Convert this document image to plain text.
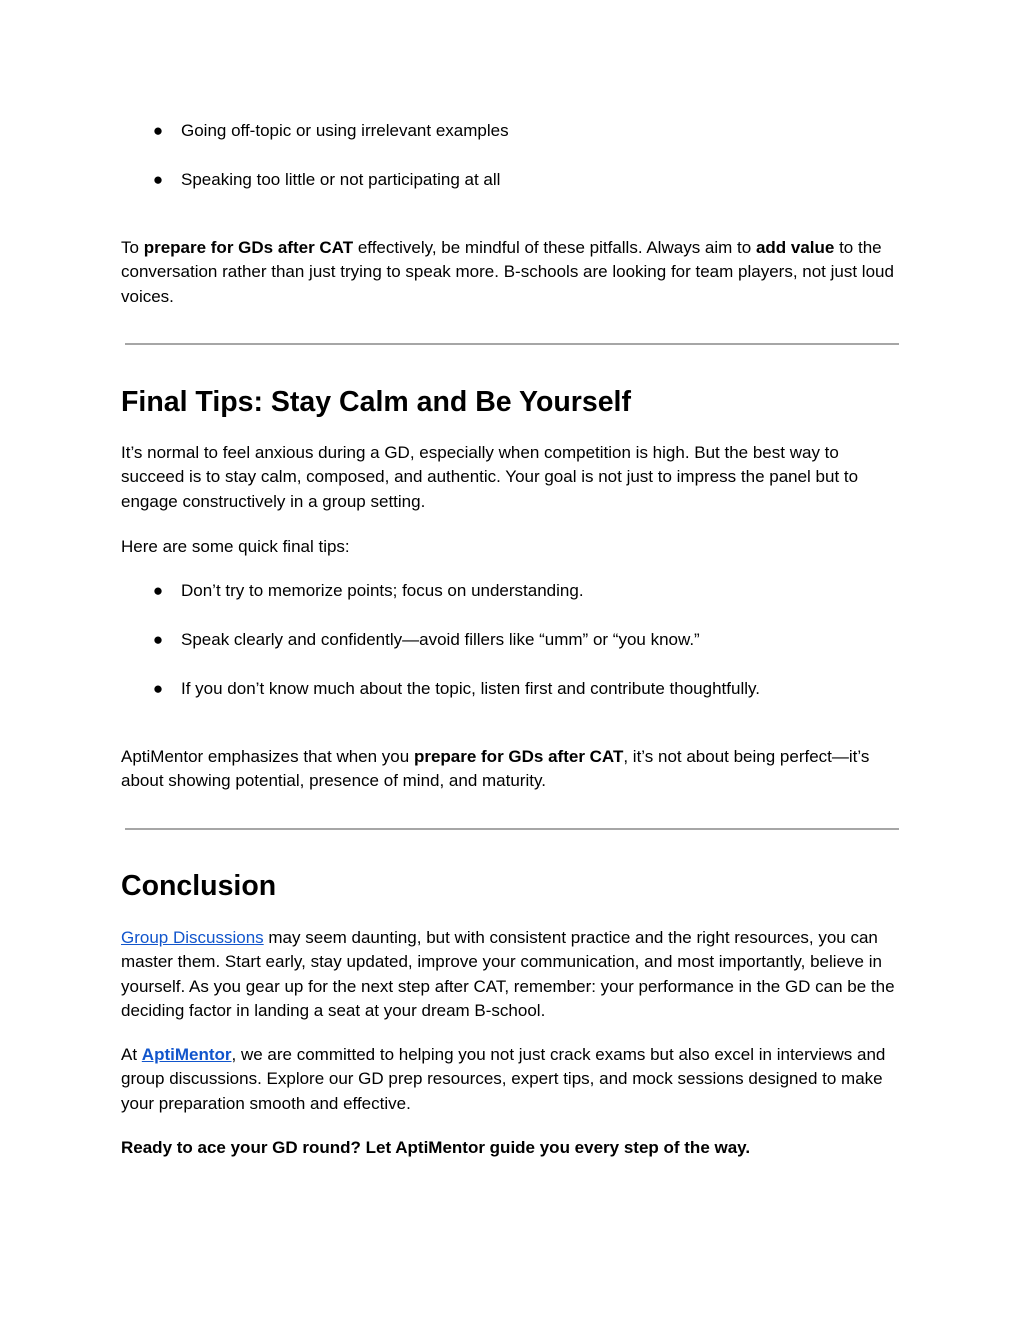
● Going off-topic or using irrelevant examples
● Speaking too little or not participating at all

To prepare for GDs after CAT effectively, be mindful of these pitfalls. Always aim to add value to the conversation rather than just trying to speak more. B-schools are looking for team players, not just loud voices.

Final Tips: Stay Calm and Be Yourself

It’s normal to feel anxious during a GD, especially when competition is high. But the best way to succeed is to stay calm, composed, and authentic. Your goal is not just to impress the panel but to engage constructively in a group setting.

Here are some quick final tips:

● Don’t try to memorize points; focus on understanding.
● Speak clearly and confidently—avoid fillers like “umm” or “you know.”
● If you don’t know much about the topic, listen first and contribute thoughtfully.

AptiMentor emphasizes that when you prepare for GDs after CAT, it’s not about being perfect—it’s about showing potential, presence of mind, and maturity.

Conclusion

Group Discussions may seem daunting, but with consistent practice and the right resources, you can master them. Start early, stay updated, improve your communication, and most importantly, believe in yourself. As you gear up for the next step after CAT, remember: your performance in the GD can be the deciding factor in landing a seat at your dream B-school.

At AptiMentor, we are committed to helping you not just crack exams but also excel in interviews and group discussions. Explore our GD prep resources, expert tips, and mock sessions designed to make your preparation smooth and effective.

Ready to ace your GD round? Let AptiMentor guide you every step of the way.
